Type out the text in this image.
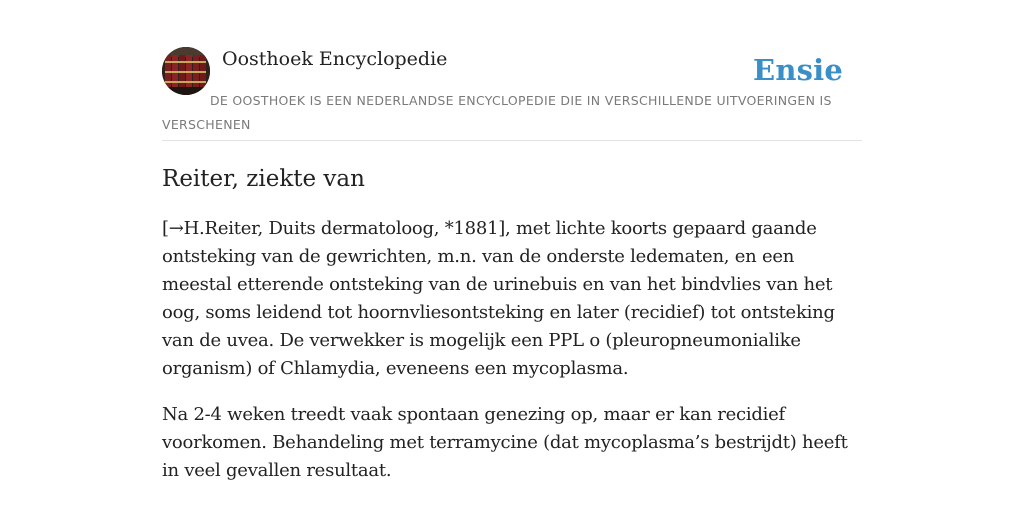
Oosthoek Encyclopedie	Ensie
DE OOSTHOEK IS EEN NEDERLANDSE ENCYCLOPEDIE DIE IN VERSCHILLENDE UITVOERINGEN IS VERSCHENEN
Reiter, ziekte van

[→H.Reiter, Duits dermatoloog, *1881], met lichte koorts gepaard gaande ontsteking van de gewrichten, m.n. van de onderste ledematen, en een meestal etterende ontsteking van de urinebuis en van het bindvlies van het oog, soms leidend tot hoornvliesontsteking en later (recidief) tot ontsteking van de uvea. De verwekker is mogelijk een PPL o (pleuropneumonialike organism) of Chlamydia, eveneens een mycoplasma.

Na 2-4 weken treedt vaak spontaan genezing op, maar er kan recidief voorkomen. Behandeling met terramycine (dat mycoplasma’s bestrijdt) heeft in veel gevallen resultaat.
